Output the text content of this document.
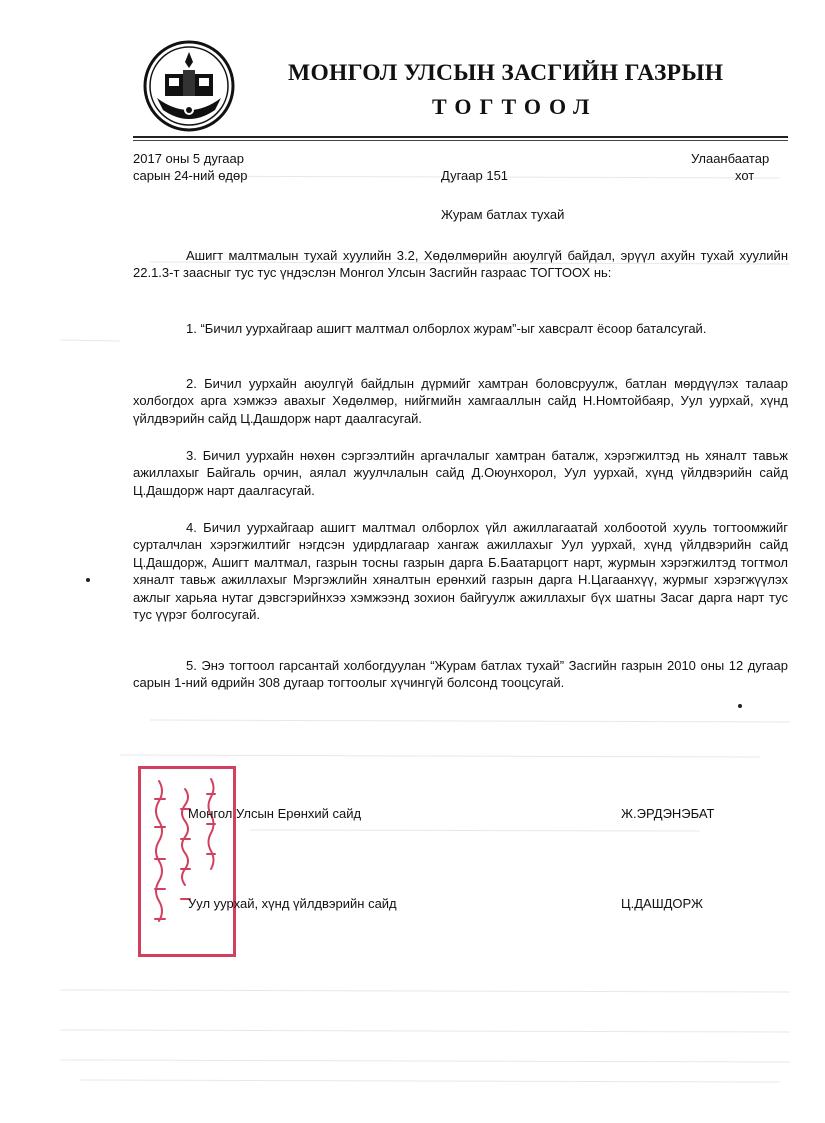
МОНГОЛ УЛСЫН ЗАСГИЙН ГАЗРЫН
ТОГТООЛ
2017 оны 5 дугаар
сарын 24-ний өдөр	Дугаар 151
Улаанбаатар
хот
Журам батлах тухай
Ашигт малтмалын тухай хуулийн 3.2, Хөдөлмөрийн аюулгүй байдал, эрүүл ахуйн тухай хуулийн 22.1.3-т заасныг тус тус үндэслэн Монгол Улсын Засгийн газраас ТОГТООХ нь:
1. “Бичил уурхайгаар ашигт малтмал олборлох журам”-ыг хавсралт ёсоор баталсугай.
2. Бичил уурхайн аюулгүй байдлын дүрмийг хамтран боловсруулж, батлан мөрдүүлэх талаар холбогдох арга хэмжээ авахыг Хөдөлмөр, нийгмийн хамгааллын сайд Н.Номтойбаяр, Уул уурхай, хүнд үйлдвэрийн сайд Ц.Дашдорж нарт даалгасугай.
3. Бичил уурхайн нөхөн сэргээлтийн аргачлалыг хамтран баталж, хэрэгжилтэд нь хяналт тавьж ажиллахыг Байгаль орчин, аялал жуулчлалын сайд Д.Оюунхорол, Уул уурхай, хүнд үйлдвэрийн сайд Ц.Дашдорж нарт даалгасугай.
4. Бичил уурхайгаар ашигт малтмал олборлох үйл ажиллагаатай холбоотой хууль тогтоомжийг сурталчлан хэрэгжилтийг нэгдсэн удирдлагаар хангаж ажиллахыг Уул уурхай, хүнд үйлдвэрийн сайд Ц.Дашдорж, Ашигт малтмал, газрын тосны газрын дарга Б.Баатарцогт нарт, журмын хэрэгжилтэд тогтмол хяналт тавьж ажиллахыг Мэргэжлийн хяналтын ерөнхий газрын дарга Н.Цагаанхүү, журмыг хэрэгжүүлэх ажлыг харьяа нутаг дэвсгэрийнхээ хэмжээнд зохион байгуулж ажиллахыг бүх шатны Засаг дарга нарт тус тус үүрэг болгосугай.
5. Энэ тогтоол гарсантай холбогдуулан “Журам батлах тухай” Засгийн газрын 2010 оны 12 дугаар сарын 1-ний өдрийн 308 дугаар тогтоолыг хүчингүй болсонд тооцсугай.
Монгол Улсын Ерөнхий сайд	Ж.ЭРДЭНЭБАТ
Уул уурхай, хүнд үйлдвэрийн сайд	Ц.ДАШДОРЖ
